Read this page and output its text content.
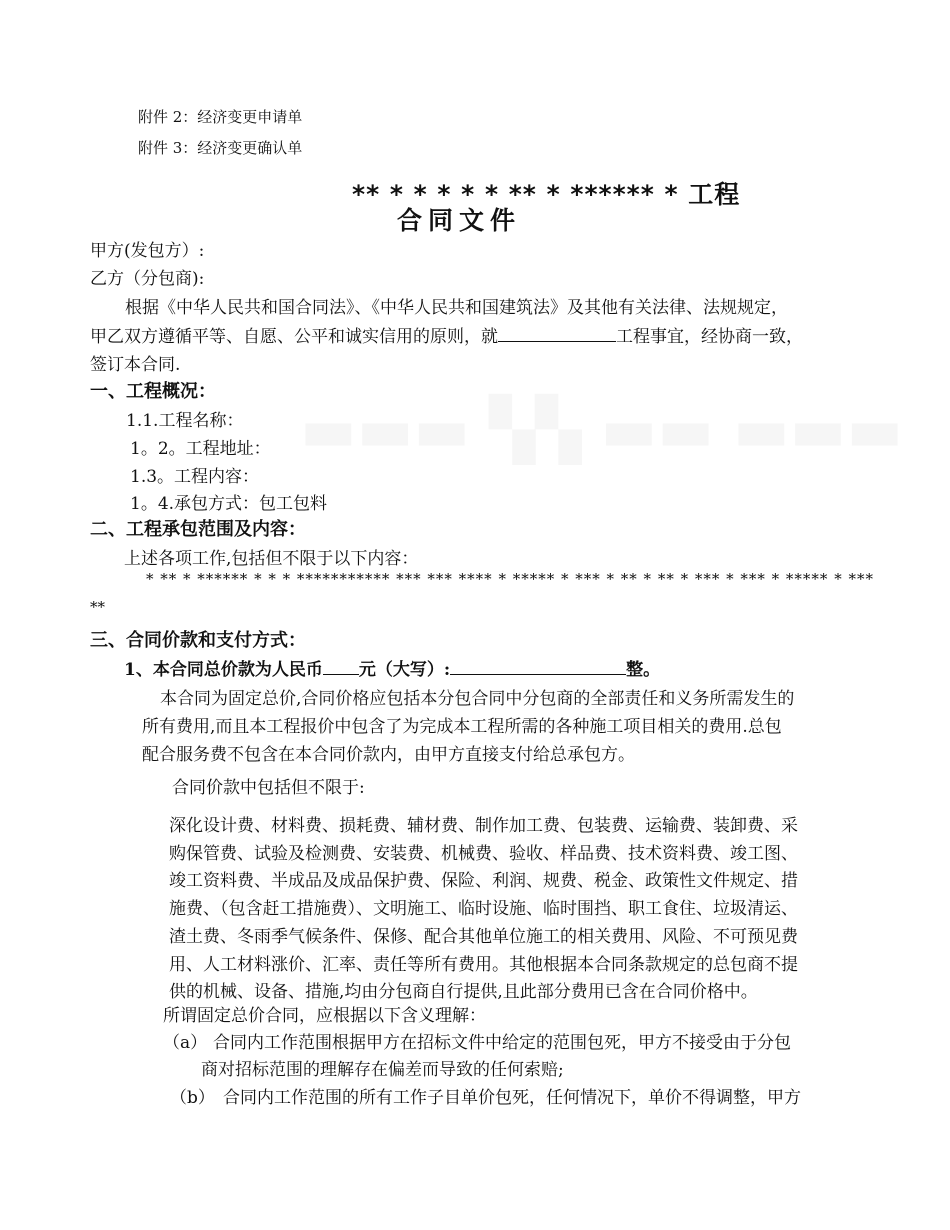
附件 2：经济变更申请单
附件 3：经济变更确认单
** * * * * * ** * ****** * 工程
合同文件
甲方(发包方）:
乙方（分包商):
根据《中华人民共和国合同法》、《中华人民共和国建筑法》及其他有关法律、法规规定，
甲乙双方遵循平等、自愿、公平和诚实信用的原则，就	工程事宜，经协商一致，
签订本合同.
一、工程概况：
1.1.工程名称：
1。2。工程地址：
1.3。工程内容：
1。4.承包方式：包工包料
二、工程承包范围及内容：
上述各项工作,包括但不限于以下内容：
* ** * ****** * * * *********** *** *** **** * ***** * *** * ** * ** * *** * *** * ***** * ***
**
三、合同价款和支付方式：
1、本合同总价款为人民币 元（大写）:	整。
本合同为固定总价,合同价格应包括本分包合同中分包商的全部责任和义务所需发生的
所有费用,而且本工程报价中包含了为完成本工程所需的各种施工项目相关的费用.总包
配合服务费不包含在本合同价款内，由甲方直接支付给总承包方。
合同价款中包括但不限于:
深化设计费、材料费、损耗费、辅材费、制作加工费、包装费、运输费、装卸费、采
购保管费、试验及检测费、安装费、机械费、验收、样品费、技术资料费、竣工图、
竣工资料费、半成品及成品保护费、保险、利润、规费、税金、政策性文件规定、措
施费、（包含赶工措施费）、文明施工、临时设施、临时围挡、职工食住、垃圾清运、
渣土费、冬雨季气候条件、保修、配合其他单位施工的相关费用、风险、不可预见费
用、人工材料涨价、汇率、责任等所有费用。其他根据本合同条款规定的总包商不提
供的机械、设备、措施,均由分包商自行提供,且此部分费用已含在合同价格中。
所谓固定总价合同，应根据以下含义理解：
（a） 合同内工作范围根据甲方在招标文件中给定的范围包死，甲方不接受由于分包
商对招标范围的理解存在偏差而导致的任何索赔;
（b） 合同内工作范围的所有工作子目单价包死，任何情况下，单价不得调整，甲方
